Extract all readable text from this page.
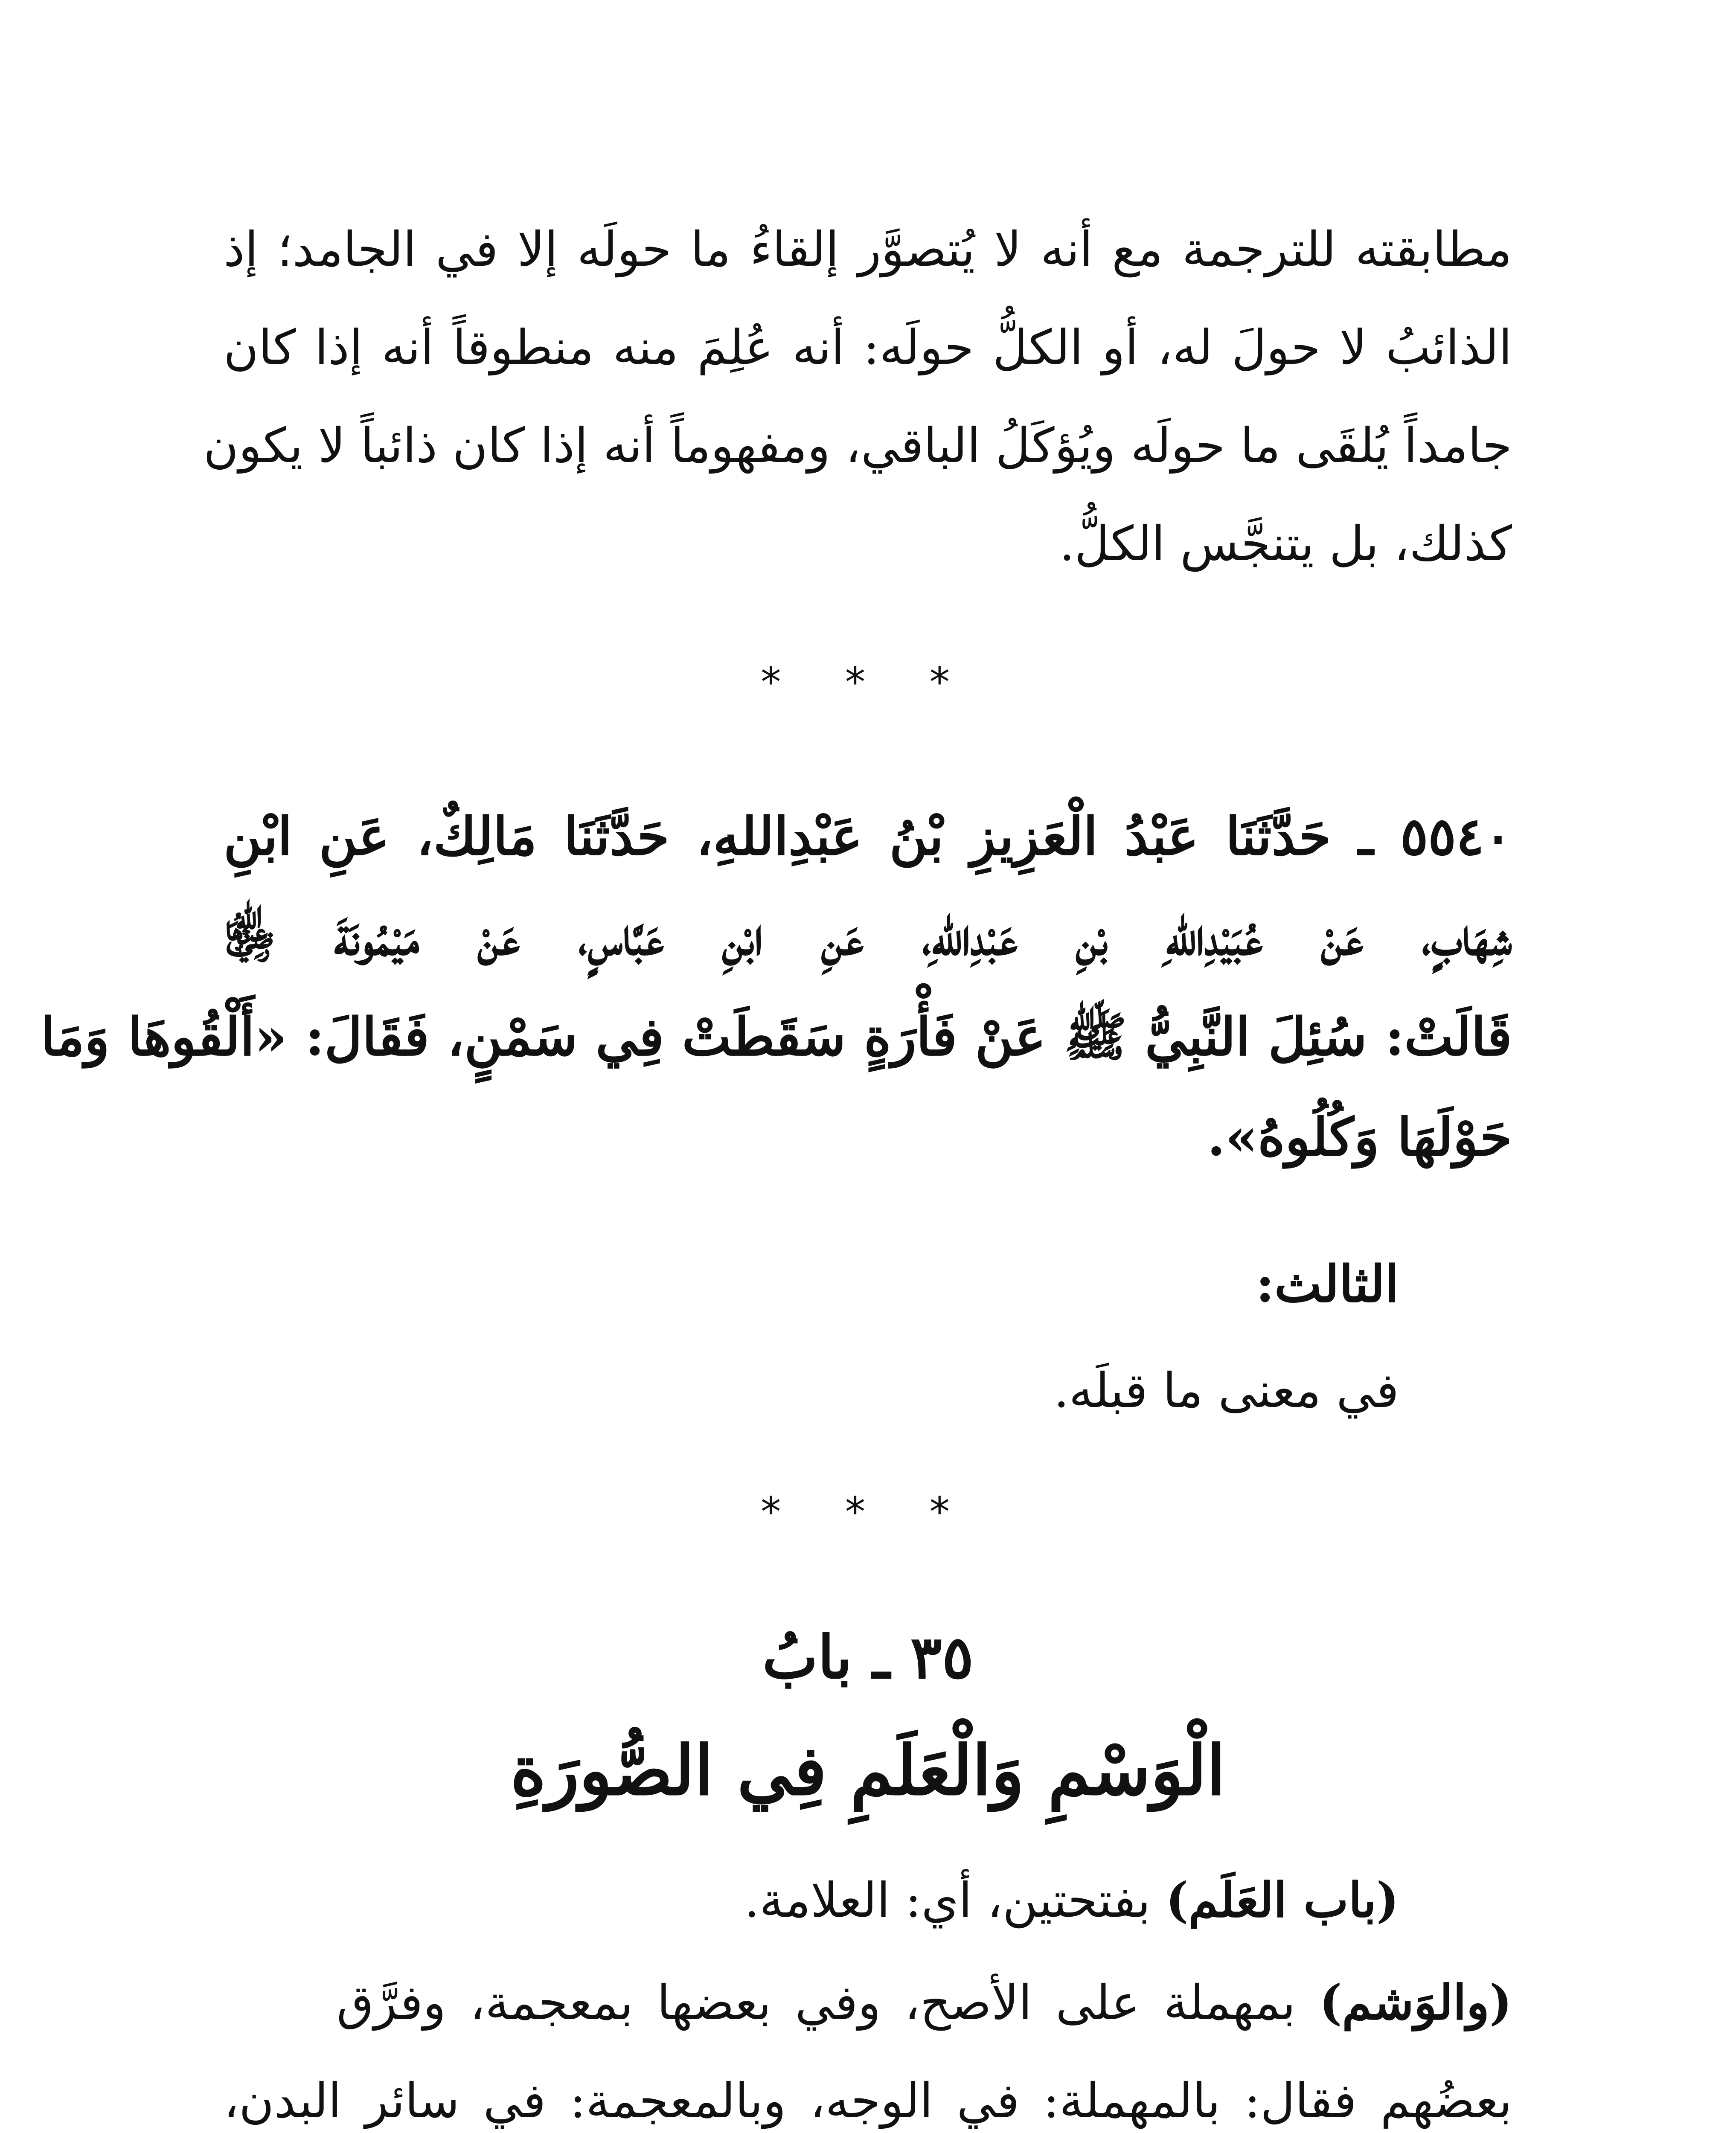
مطابقته للترجمة مع أنه لا يُتصوَّر إلقاءُ ما حولَه إلا في الجامد؛ إذ
الذائبُ لا حولَ له، أو الكلُّ حولَه: أنه عُلِمَ منه منطوقاً أنه إذا كان
جامداً يُلقَى ما حولَه ويُؤكَلُ الباقي، ومفهوماً أنه إذا كان ذائباً لا يكون
كذلك، بل يتنجَّس الكلُّ.
* * *
٥٥٤٠ ـ حَدَّثَنَا عَبْدُ الْعَزِيزِ بْنُ عَبْدِاللهِ، حَدَّثَنَا مَالِكٌ، عَنِ ابْنِ
شِهَابٍ، عَنْ عُبَيْدِاللهِ بْنِ عَبْدِاللهِ، عَنِ ابْنِ عَبَّاسٍ، عَنْ مَيْمُونَةَ ﵂
قَالَتْ: سُئِلَ النَّبِيُّ ﷺ عَنْ فَأْرَةٍ سَقَطَتْ فِي سَمْنٍ، فَقَالَ: «أَلْقُوهَا وَمَا
حَوْلَهَا وَكُلُوهُ».
الثالث:
في معنى ما قبلَه.
* * *
٣٥ ـ بابُ
الْوَسْمِ وَالْعَلَمِ فِي الصُّورَةِ
(باب العَلَم) بفتحتين، أي: العلامة.
(والوَشم) بمهملة على الأصح، وفي بعضها بمعجمة، وفرَّق
بعضُهم فقال: بالمهملة: في الوجه، وبالمعجمة: في سائر البدن،
